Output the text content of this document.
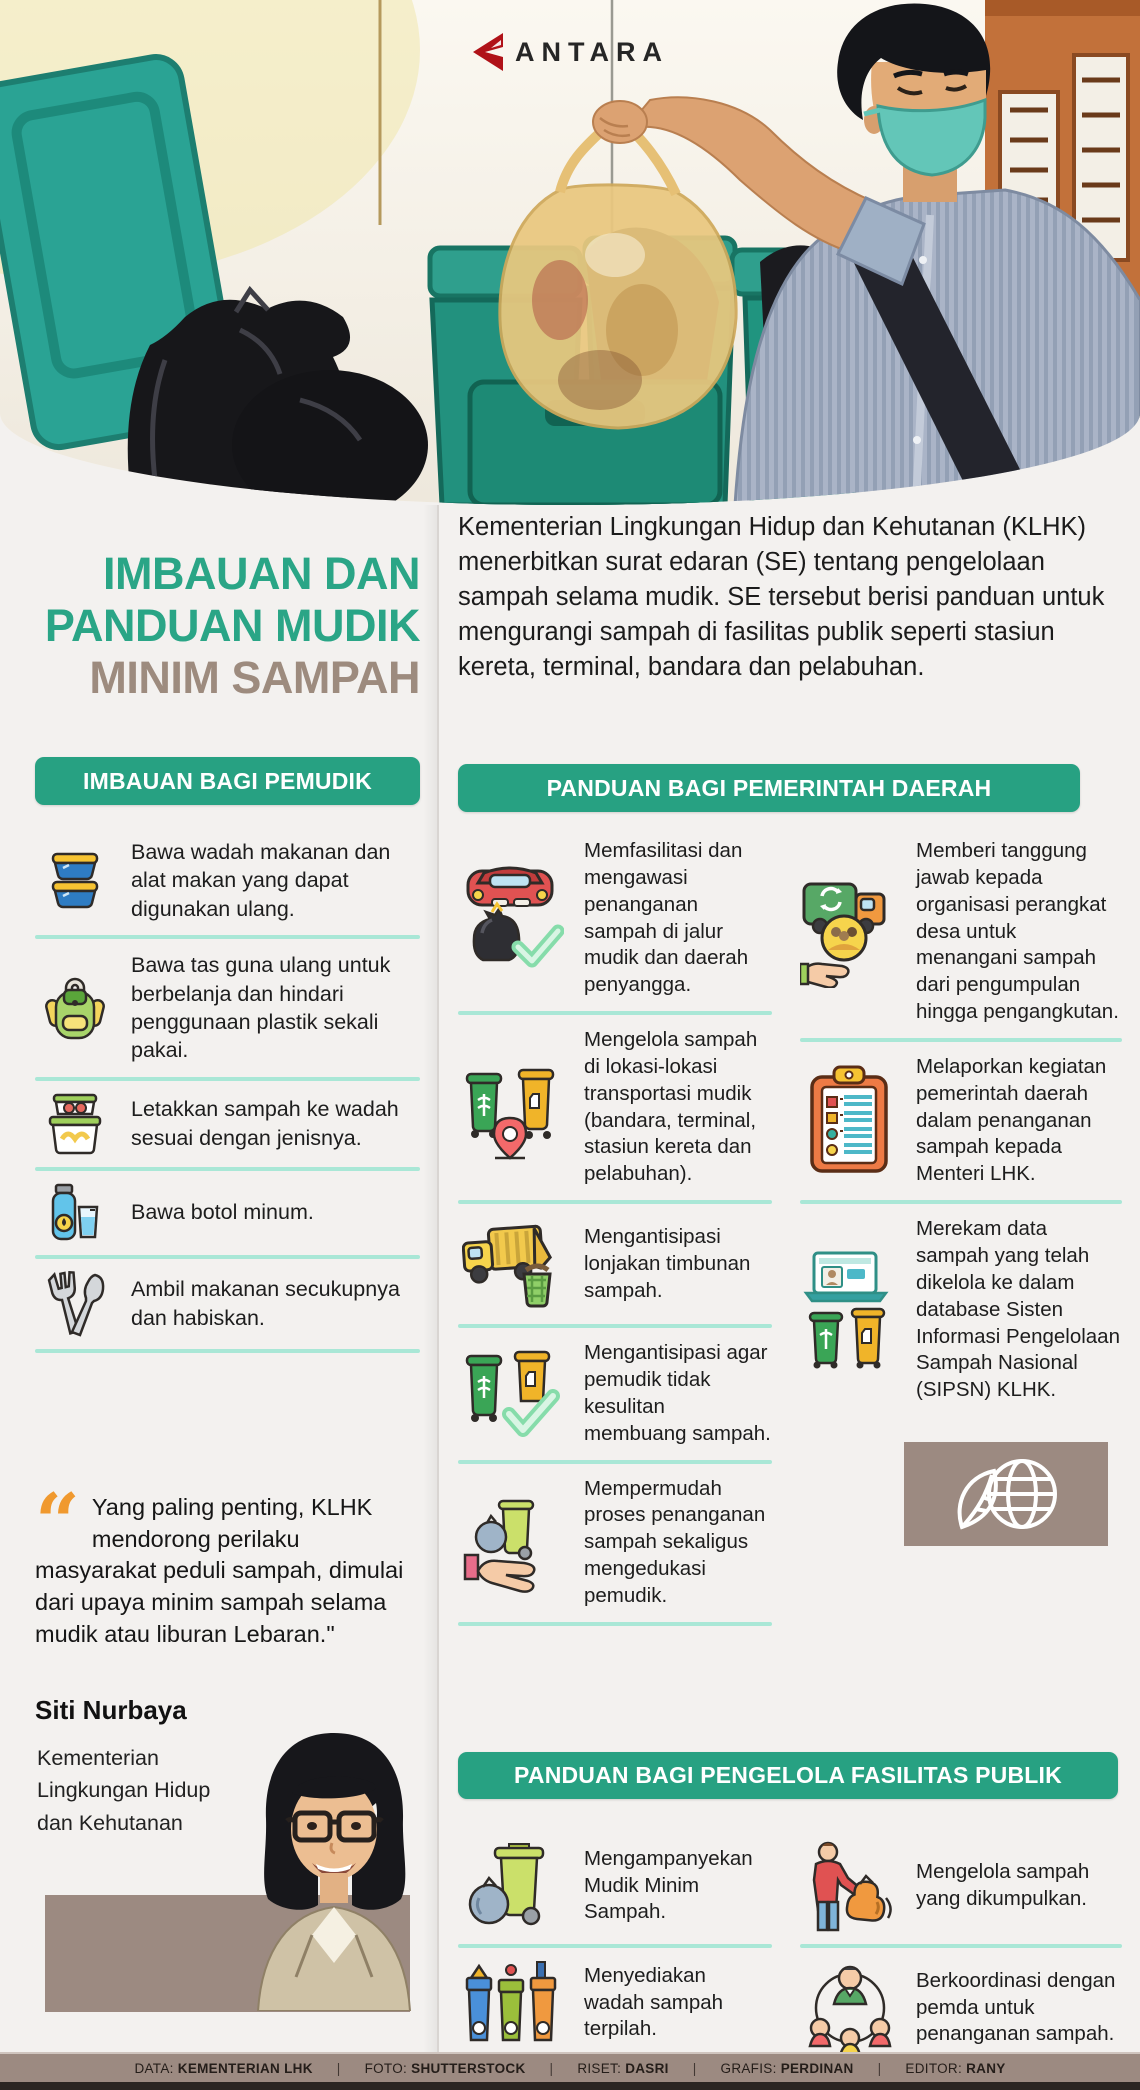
ANTARA
IMBAUAN DAN
PANDUAN MUDIK
MINIM SAMPAH
Kementerian Lingkungan Hidup dan Kehutanan (KLHK) menerbitkan surat edaran (SE) tentang pengelolaan sampah selama mudik. SE tersebut berisi panduan untuk mengurangi sampah di fasilitas publik seperti stasiun kereta, terminal, bandara dan pelabuhan.
IMBAUAN BAGI PEMUDIK
Bawa wadah makanan dan alat makan yang dapat digunakan ulang.
Bawa tas guna ulang untuk berbelanja dan hindari penggunaan plastik sekali pakai.
Letakkan sampah ke wadah sesuai dengan jenisnya.
Bawa botol minum.
Ambil makanan secukupnya dan habiskan.
PANDUAN BAGI PEMERINTAH DAERAH
Memfasilitasi dan mengawasi penanganan sampah di jalur mudik dan daerah penyangga.
Mengelola sampah di lokasi-lokasi transportasi mudik (bandara, terminal, stasiun kereta dan pelabuhan).
Mengantisipasi lonjakan timbunan sampah.
Mengantisipasi agar pemudik tidak kesulitan membuang sampah.
Mempermudah proses penanganan sampah sekaligus mengedukasi pemudik.
Memberi tanggung jawab kepada organisasi perangkat desa untuk menangani sampah dari pengumpulan hingga pengangkutan.
Melaporkan kegiatan pemerintah daerah dalam penanganan sampah kepada Menteri LHK.
Merekam data sampah yang telah dikelola ke dalam database Sisten Informasi Pengelolaan Sampah Nasional (SIPSN) KLHK.
PANDUAN BAGI PENGELOLA FASILITAS PUBLIK
Mengampanyekan Mudik Minim Sampah.
Menyediakan wadah sampah terpilah.
Mengelola sampah yang dikumpulkan.
Berkoordinasi dengan pemda untuk penanganan sampah.
“ Yang paling penting, KLHK mendorong perilaku masyarakat peduli sampah, dimulai dari upaya minim sampah selama mudik atau liburan Lebaran."
Siti Nurbaya
Kementerian Lingkungan Hidup dan Kehutanan
DATA: KEMENTERIAN LHK | FOTO: SHUTTERSTOCK | RISET: DASRI | GRAFIS: PERDINAN | EDITOR: RANY
